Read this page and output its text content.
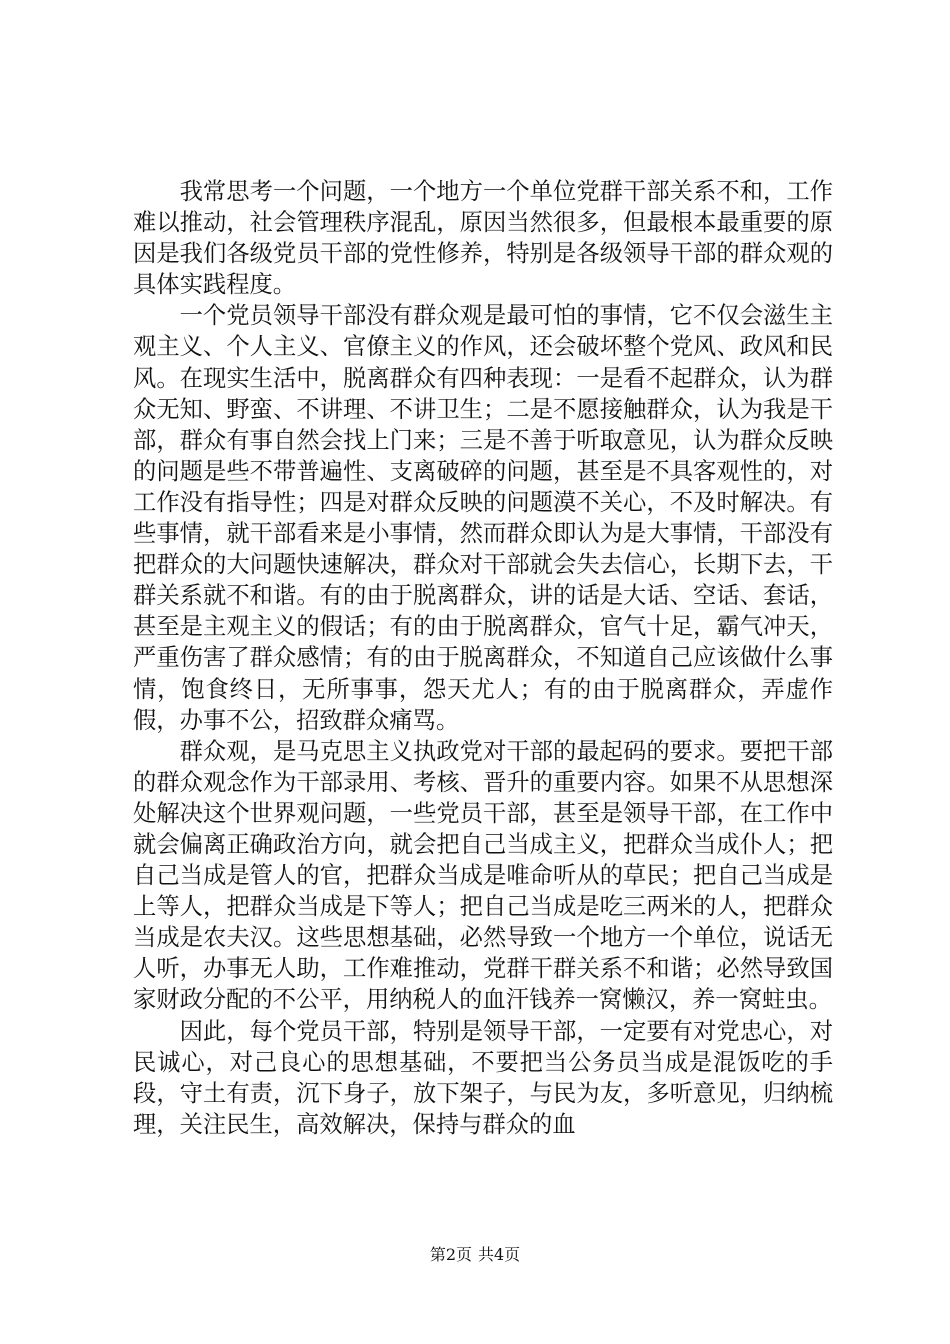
我常思考一个问题，一个地方一个单位党群干部关系不和，工作难以推动，社会管理秩序混乱，原因当然很多，但最根本最重要的原因是我们各级党员干部的党性修养，特别是各级领导干部的群众观的具体实践程度。

一个党员领导干部没有群众观是最可怕的事情，它不仅会滋生主观主义、个人主义、官僚主义的作风，还会破坏整个党风、政风和民风。在现实生活中，脱离群众有四种表现：一是看不起群众，认为群众无知、野蛮、不讲理、不讲卫生；二是不愿接触群众，认为我是干部，群众有事自然会找上门来；三是不善于听取意见，认为群众反映的问题是些不带普遍性、支离破碎的问题，甚至是不具客观性的，对工作没有指导性；四是对群众反映的问题漠不关心，不及时解决。有些事情，就干部看来是小事情，然而群众即认为是大事情，干部没有把群众的大问题快速解决，群众对干部就会失去信心，长期下去，干群关系就不和谐。有的由于脱离群众，讲的话是大话、空话、套话，甚至是主观主义的假话；有的由于脱离群众，官气十足，霸气冲天，严重伤害了群众感情；有的由于脱离群众，不知道自己应该做什么事情，饱食终日，无所事事，怨天尤人；有的由于脱离群众，弄虚作假，办事不公，招致群众痛骂。

群众观，是马克思主义执政党对干部的最起码的要求。要把干部的群众观念作为干部录用、考核、晋升的重要内容。如果不从思想深处解决这个世界观问题，一些党员干部，甚至是领导干部，在工作中就会偏离正确政治方向，就会把自己当成主义，把群众当成仆人；把自己当成是管人的官，把群众当成是唯命听从的草民；把自己当成是上等人，把群众当成是下等人；把自己当成是吃三两米的人，把群众当成是农夫汉。这些思想基础，必然导致一个地方一个单位，说话无人听，办事无人助，工作难推动，党群干群关系不和谐；必然导致国家财政分配的不公平，用纳税人的血汗钱养一窝懒汉，养一窝蛀虫。

因此，每个党员干部，特别是领导干部，一定要有对党忠心，对民诚心，对己良心的思想基础，不要把当公务员当成是混饭吃的手段，守土有责，沉下身子，放下架子，与民为友，多听意见，归纳梳理，关注民生，高效解决，保持与群众的血

第2页 共4页
